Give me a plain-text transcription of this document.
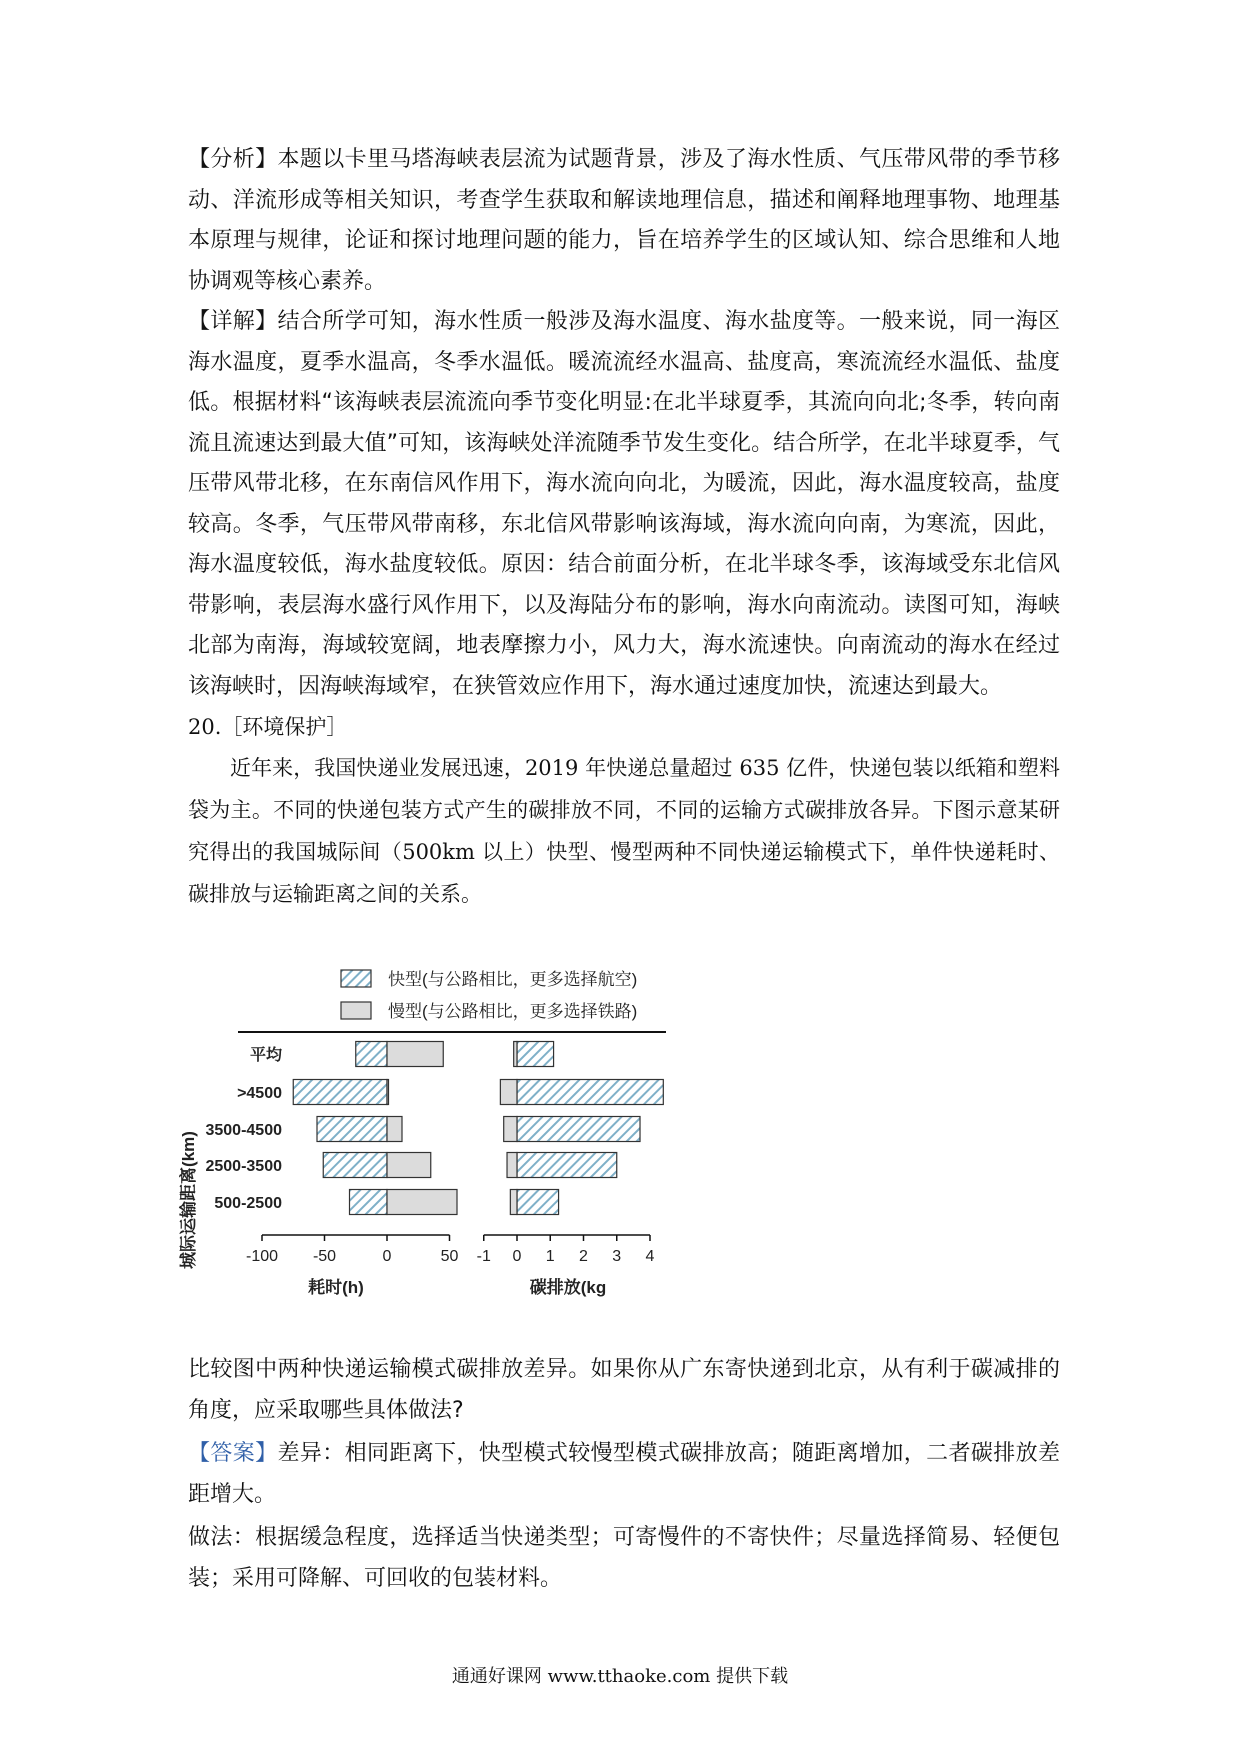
【分析】本题以卡里马塔海峡表层流为试题背景，涉及了海水性质、气压带风带的季节移动、洋流形成等相关知识，考查学生获取和解读地理信息，描述和阐释地理事物、地理基本原理与规律，论证和探讨地理问题的能力，旨在培养学生的区域认知、综合思维和人地协调观等核心素养。

【详解】结合所学可知，海水性质一般涉及海水温度、海水盐度等。一般来说，同一海区海水温度，夏季水温高，冬季水温低。暖流流经水温高、盐度高，寒流流经水温低、盐度低。根据材料“该海峡表层流流向季节变化明显:在北半球夏季，其流向向北;冬季，转向南流且流速达到最大值”可知，该海峡处洋流随季节发生变化。结合所学，在北半球夏季，气压带风带北移，在东南信风作用下，海水流向向北，为暖流，因此，海水温度较高，盐度较高。冬季，气压带风带南移，东北信风带影响该海域，海水流向向南，为寒流，因此，海水温度较低，海水盐度较低。原因：结合前面分析，在北半球冬季，该海域受东北信风带影响，表层海水盛行风作用下，以及海陆分布的影响，海水向南流动。读图可知，海峡北部为南海，海域较宽阔，地表摩擦力小，风力大，海水流速快。向南流动的海水在经过该海峡时，因海峡海域窄，在狭管效应作用下，海水通过速度加快，流速达到最大。

20.［环境保护］

近年来，我国快递业发展迅速，2019 年快递总量超过 635 亿件，快递包装以纸箱和塑料袋为主。不同的快递包装方式产生的碳排放不同，不同的运输方式碳排放各异。下图示意某研究得出的我国城际间（500km 以上）快型、慢型两种不同快递运输模式下，单件快递耗时、碳排放与运输距离之间的关系。

快型(与公路相比，更多选择航空)
慢型(与公路相比，更多选择铁路)
城际运输距离(km)
平均
>4500
3500-4500
2500-3500
500-2500
-100 -50	0	50
耗时(h)
-1 0 1 2 3 4
碳排放(kg

比较图中两种快递运输模式碳排放差异。如果你从广东寄快递到北京，从有利于碳减排的角度，应采取哪些具体做法?

【答案】差异：相同距离下，快型模式较慢型模式碳排放高；随距离增加，二者碳排放差距增大。

做法：根据缓急程度，选择适当快递类型；可寄慢件的不寄快件；尽量选择简易、轻便包装；采用可降解、可回收的包装材料。

通通好课网 www.tthaoke.com 提供下载
